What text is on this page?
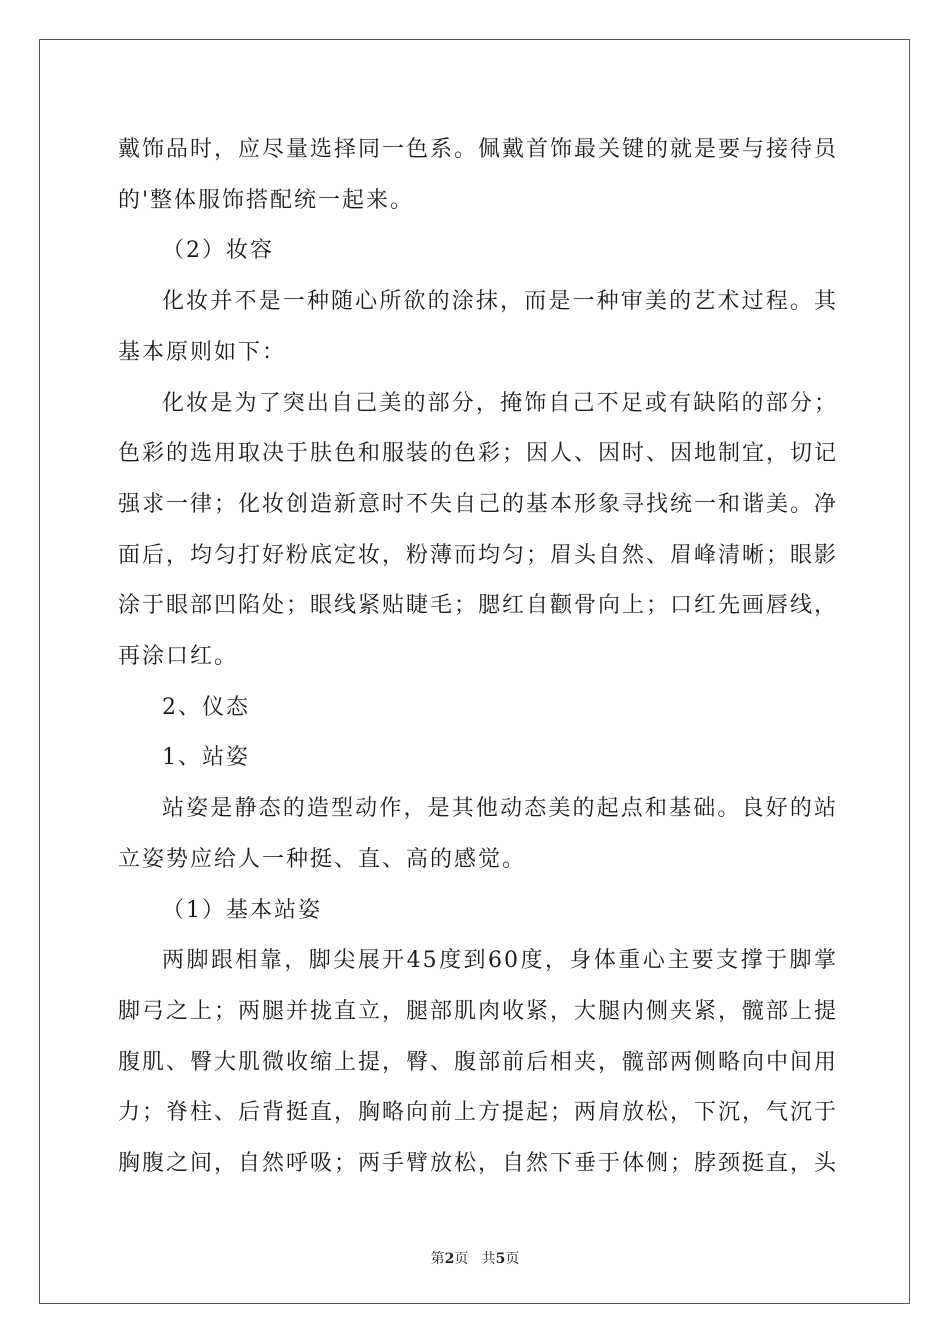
戴饰品时，应尽量选择同一色系。佩戴首饰最关键的就是要与接待员的'整体服饰搭配统一起来。

（2）妆容

化妆并不是一种随心所欲的涂抹，而是一种审美的艺术过程。其基本原则如下：

化妆是为了突出自己美的部分，掩饰自己不足或有缺陷的部分；色彩的选用取决于肤色和服装的色彩；因人、因时、因地制宜，切记强求一律；化妆创造新意时不失自己的基本形象寻找统一和谐美。净面后，均匀打好粉底定妆，粉薄而均匀；眉头自然、眉峰清晰；眼影涂于眼部凹陷处；眼线紧贴睫毛；腮红自颧骨向上；口红先画唇线，再涂口红。

2、仪态

1、站姿

站姿是静态的造型动作，是其他动态美的起点和基础。良好的站立姿势应给人一种挺、直、高的感觉。

（1）基本站姿

两脚跟相靠，脚尖展开45度到60度，身体重心主要支撑于脚掌脚弓之上；两腿并拢直立，腿部肌肉收紧，大腿内侧夹紧，髋部上提腹肌、臀大肌微收缩上提，臀、腹部前后相夹，髋部两侧略向中间用力；脊柱、后背挺直，胸略向前上方提起；两肩放松，下沉，气沉于胸腹之间，自然呼吸；两手臂放松，自然下垂于体侧；脖颈挺直，头

第2页 共5页
